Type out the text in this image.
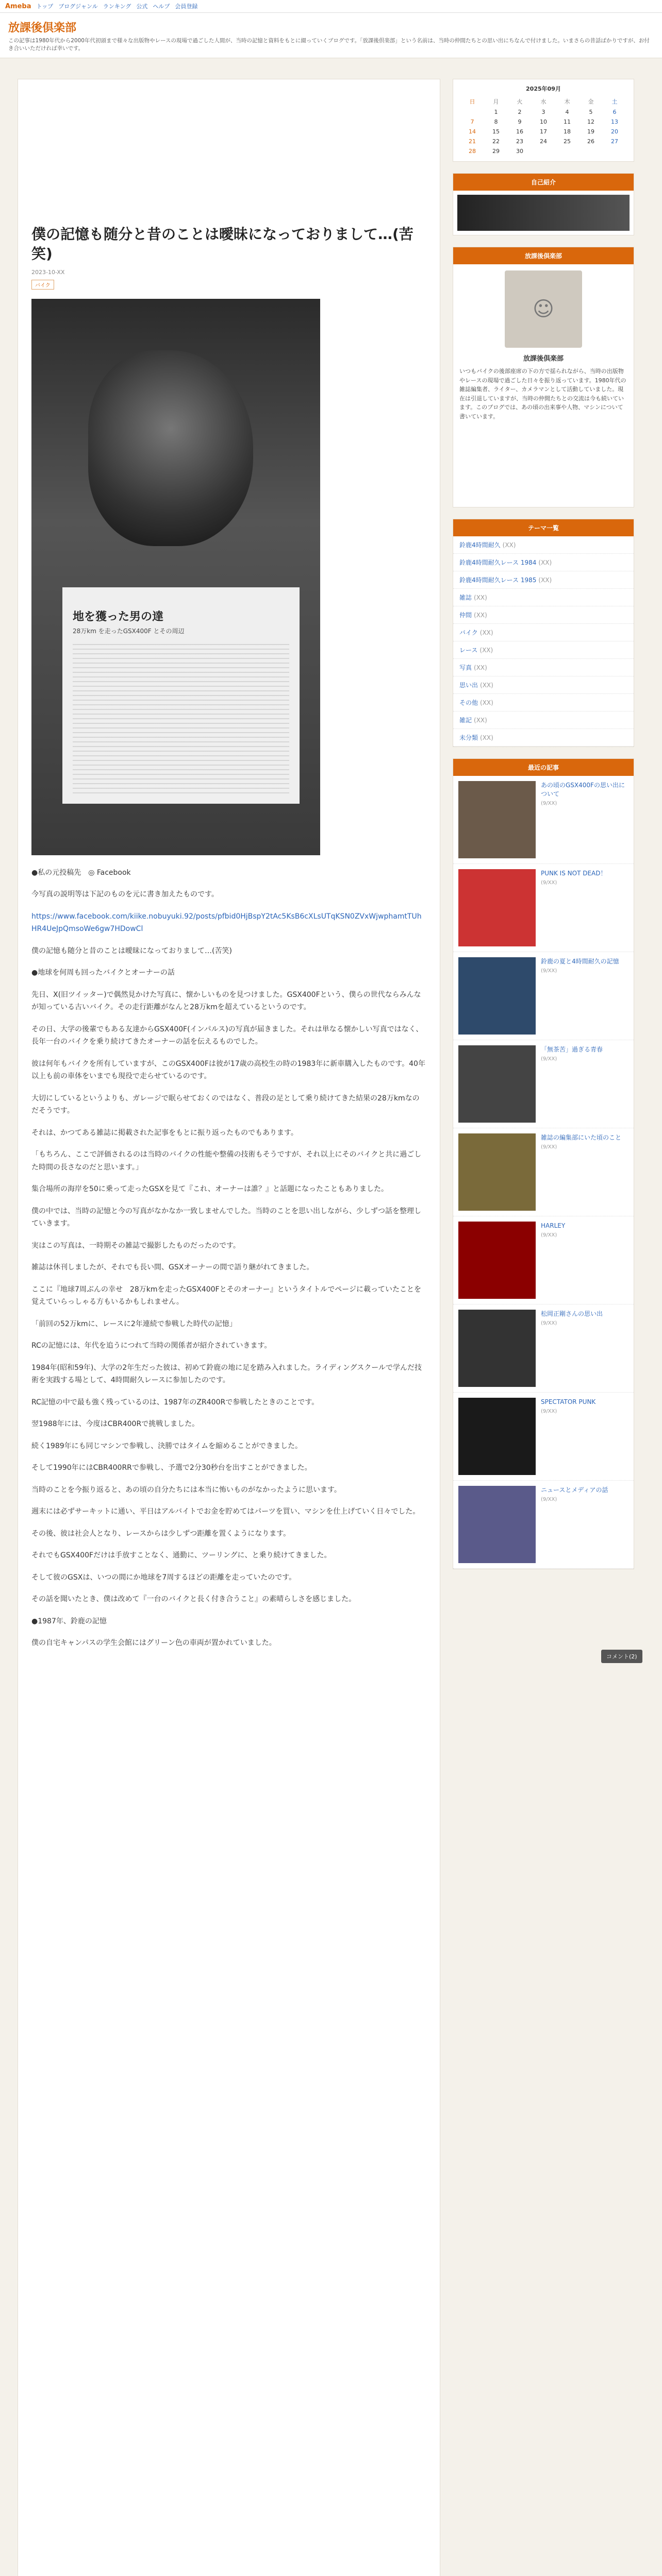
Ameba トップ ブログジャンル ランキング 公式 ヘルプ 会員登録
放課後倶楽部
この記事は1980年代から2000年代初頭まで様々な出版物やレースの現場で過ごした人間が、当時の記憶と資料をもとに綴っていくブログです。「放課後倶楽部」という名前は、当時の仲間たちとの思い出にちなんで付けました。いまさらの昔話ばかりですが、お付き合いいただければ幸いです。
僕の記憶も随分と昔のことは曖昧になっておりまして…(苦笑)
2023-10-XX
バイク
地を獲った男の達
28万km を走ったGSX400F とその周辺

●私の元投稿先　◎ Facebook

今写真の説明等は下記のものを元に書き加えたものです。

https://www.facebook.com/kiike.nobuyuki.92/posts/pfbid0HjBspY2tAc5KsB6cXLsUTqKSN0ZVxWjwphamtTUhHR4UeJpQmsoWe6gw7HDowCl

僕の記憶も随分と昔のことは曖昧になっておりまして…(苦笑)

●地球を何周も回ったバイクとオーナーの話

先日、X(旧ツイッター)で偶然見かけた写真に、懐かしいものを見つけました。GSX400Fという、僕らの世代ならみんなが知っている古いバイク。その走行距離がなんと28万kmを超えているというのです。

その日、大学の後輩でもある友達からGSX400F(インパルス)の写真が届きました。それは単なる懐かしい写真ではなく、長年一台のバイクを乗り続けてきたオーナーの話を伝えるものでした。

彼は何年もバイクを所有していますが、このGSX400Fは彼が17歳の高校生の時の1983年に新車購入したものです。40年以上も前の車体をいまでも現役で走らせているのです。

大切にしているというよりも、ガレージで眠らせておくのではなく、普段の足として乗り続けてきた結果の28万kmなのだそうです。

それは、かつてある雑誌に掲載された記事をもとに振り返ったものでもあります。

「もちろん、ここで評価されるのは当時のバイクの性能や整備の技術もそうですが、それ以上にそのバイクと共に過ごした時間の長さなのだと思います。」

集合場所の海岸を50に乗って走ったGSXを見て『これ、オーナーは誰？』と話題になったこともありました。

僕の中では、当時の記憶と今の写真がなかなか一致しませんでした。当時のことを思い出しながら、少しずつ話を整理していきます。

実はこの写真は、一時期その雑誌で撮影したものだったのです。

雑誌は休刊しましたが、それでも長い間、GSXオーナーの間で語り継がれてきました。

ここに『地球7周ぶんの幸せ　28万kmを走ったGSX400Fとそのオーナー』というタイトルでページに載っていたことを覚えていらっしゃる方もいるかもしれません。

「前回の52万kmに、レースに2年連続で参戦した時代の記憶」

RCの記憶には、年代を追うにつれて当時の関係者が紹介されていきます。

1984年(昭和59年)、大学の2年生だった彼は、初めて鈴鹿の地に足を踏み入れました。ライディングスクールで学んだ技術を実践する場として、4時間耐久レースに参加したのです。

RC記憶の中で最も強く残っているのは、1987年のZR400Rで参戦したときのことです。

翌1988年には、今度はCBR400Rで挑戦しました。

続く1989年にも同じマシンで参戦し、決勝ではタイムを縮めることができました。

そして1990年にはCBR400RRで参戦し、予選で2分30秒台を出すことができました。

当時のことを今振り返ると、あの頃の自分たちには本当に怖いものがなかったように思います。

週末には必ずサーキットに通い、平日はアルバイトでお金を貯めてはパーツを買い、マシンを仕上げていく日々でした。

その後、彼は社会人となり、レースからは少しずつ距離を置くようになります。

それでもGSX400Fだけは手放すことなく、通勤に、ツーリングに、と乗り続けてきました。

そして彼のGSXは、いつの間にか地球を7周するほどの距離を走っていたのです。

その話を聞いたとき、僕は改めて『一台のバイクと長く付き合うこと』の素晴らしさを感じました。

●1987年、鈴鹿の記憶

僕の自宅キャンパスの学生会館にはグリーン色の車両が置かれていました。

2025年09月
日	月	火	水	木	金	土
	1	2	3	4	5	6
7	8	9	10	11	12	13
14	15	16	17	18	19	20
21	22	23	24	25	26	27
28	29	30				
自己紹介
放課後倶楽部
☺
放課後倶楽部
いつもバイクの後部座席の下の方で揺られながら、当時の出版物やレースの現場で過ごした日々を振り返っています。1980年代の雑誌編集者、ライター、カメラマンとして活動していました。現在は引退していますが、当時の仲間たちとの交流は今も続いています。このブログでは、あの頃の出来事や人物、マシンについて書いています。
テーマ一覧
鈴鹿4時間耐久 (XX)
鈴鹿4時間耐久レース 1984 (XX)
鈴鹿4時間耐久レース 1985 (XX)
雑誌 (XX)
仲間 (XX)
バイク (XX)
レース (XX)
写真 (XX)
思い出 (XX)
その他 (XX)
雑記 (XX)
未分類 (XX)
最近の記事
あの頃のGSX400Fの思い出について
(9/XX)
PUNK IS NOT DEAD！
(9/XX)
鈴鹿の夏と4時間耐久の記憶
(9/XX)
「無茶苦」過ぎる青春
(9/XX)
雑誌の編集部にいた頃のこと
(9/XX)
HARLEY
(9/XX)
松岡正剛さんの思い出
(9/XX)
SPECTATOR PUNK
(9/XX)
ニュースとメディアの話
(9/XX)
コメント(2)
